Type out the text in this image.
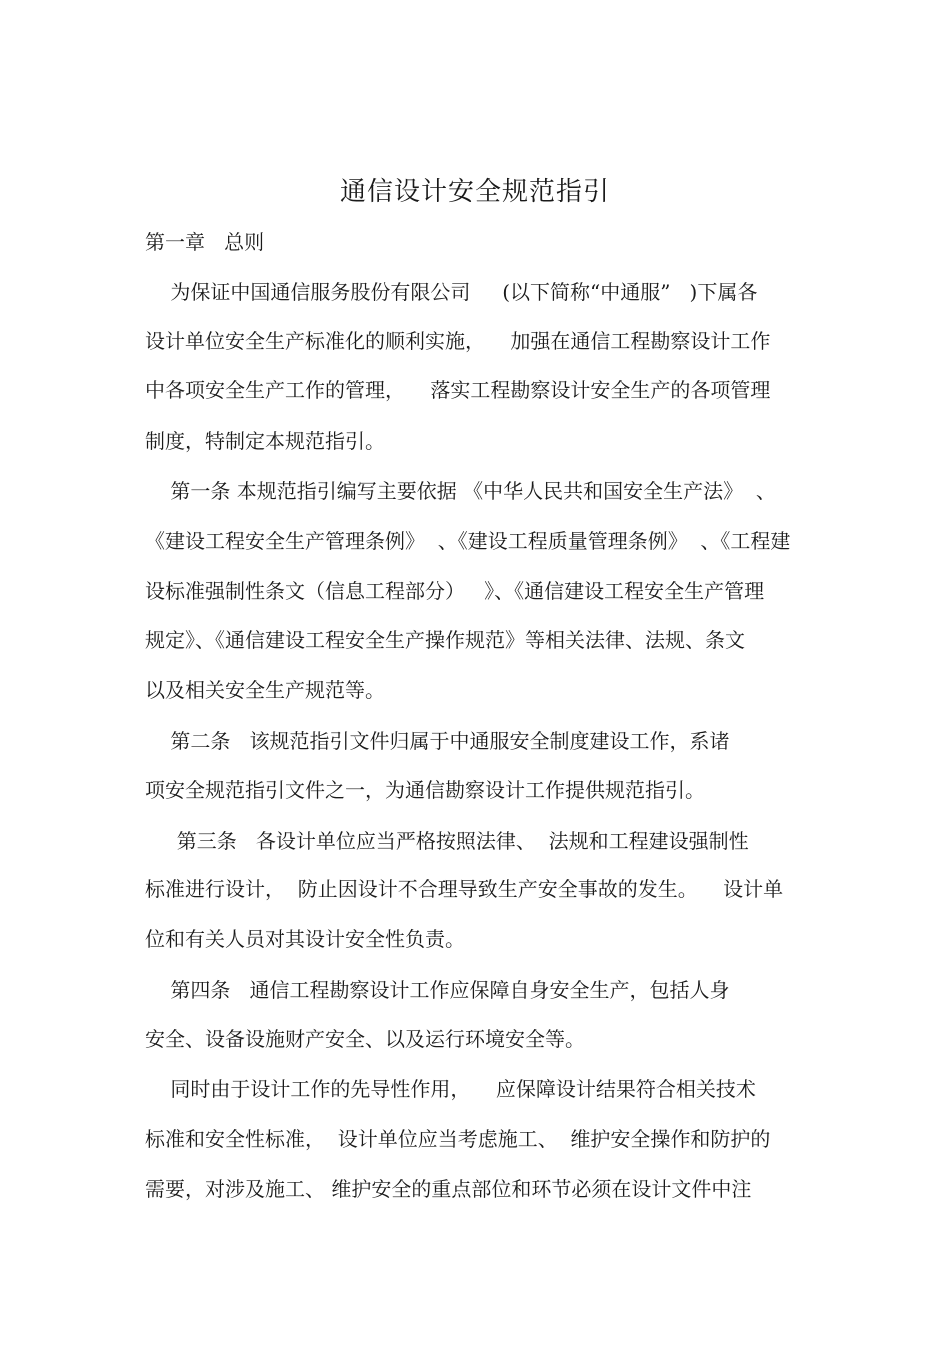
通信设计安全规范指引
第一章   总则
为保证中国通信服务股份有限公司     (以下简称“中通服”   )下属各
设计单位安全生产标准化的顺利实施，    加强在通信工程勘察设计工作
中各项安全生产工作的管理，    落实工程勘察设计安全生产的各项管理
制度，特制定本规范指引。
第一条 本规范指引编写主要依据 《中华人民共和国安全生产法》  、
《建设工程安全生产管理条例》  、《建设工程质量管理条例》  、《工程建
设标准强制性条文（信息工程部分）   》、《通信建设工程安全生产管理
规定》、《通信建设工程安全生产操作规范》等相关法律、法规、条文
以及相关安全生产规范等。
第二条   该规范指引文件归属于中通服安全制度建设工作，系诸
项安全规范指引文件之一，为通信勘察设计工作提供规范指引。
第三条   各设计单位应当严格按照法律、  法规和工程建设强制性
标准进行设计，  防止因设计不合理导致生产安全事故的发生。    设计单
位和有关人员对其设计安全性负责。
第四条   通信工程勘察设计工作应保障自身安全生产，包括人身
安全、设备设施财产安全、以及运行环境安全等。
同时由于设计工作的先导性作用，    应保障设计结果符合相关技术
标准和安全性标准，  设计单位应当考虑施工、  维护安全操作和防护的
需要，对涉及施工、 维护安全的重点部位和环节必须在设计文件中注
